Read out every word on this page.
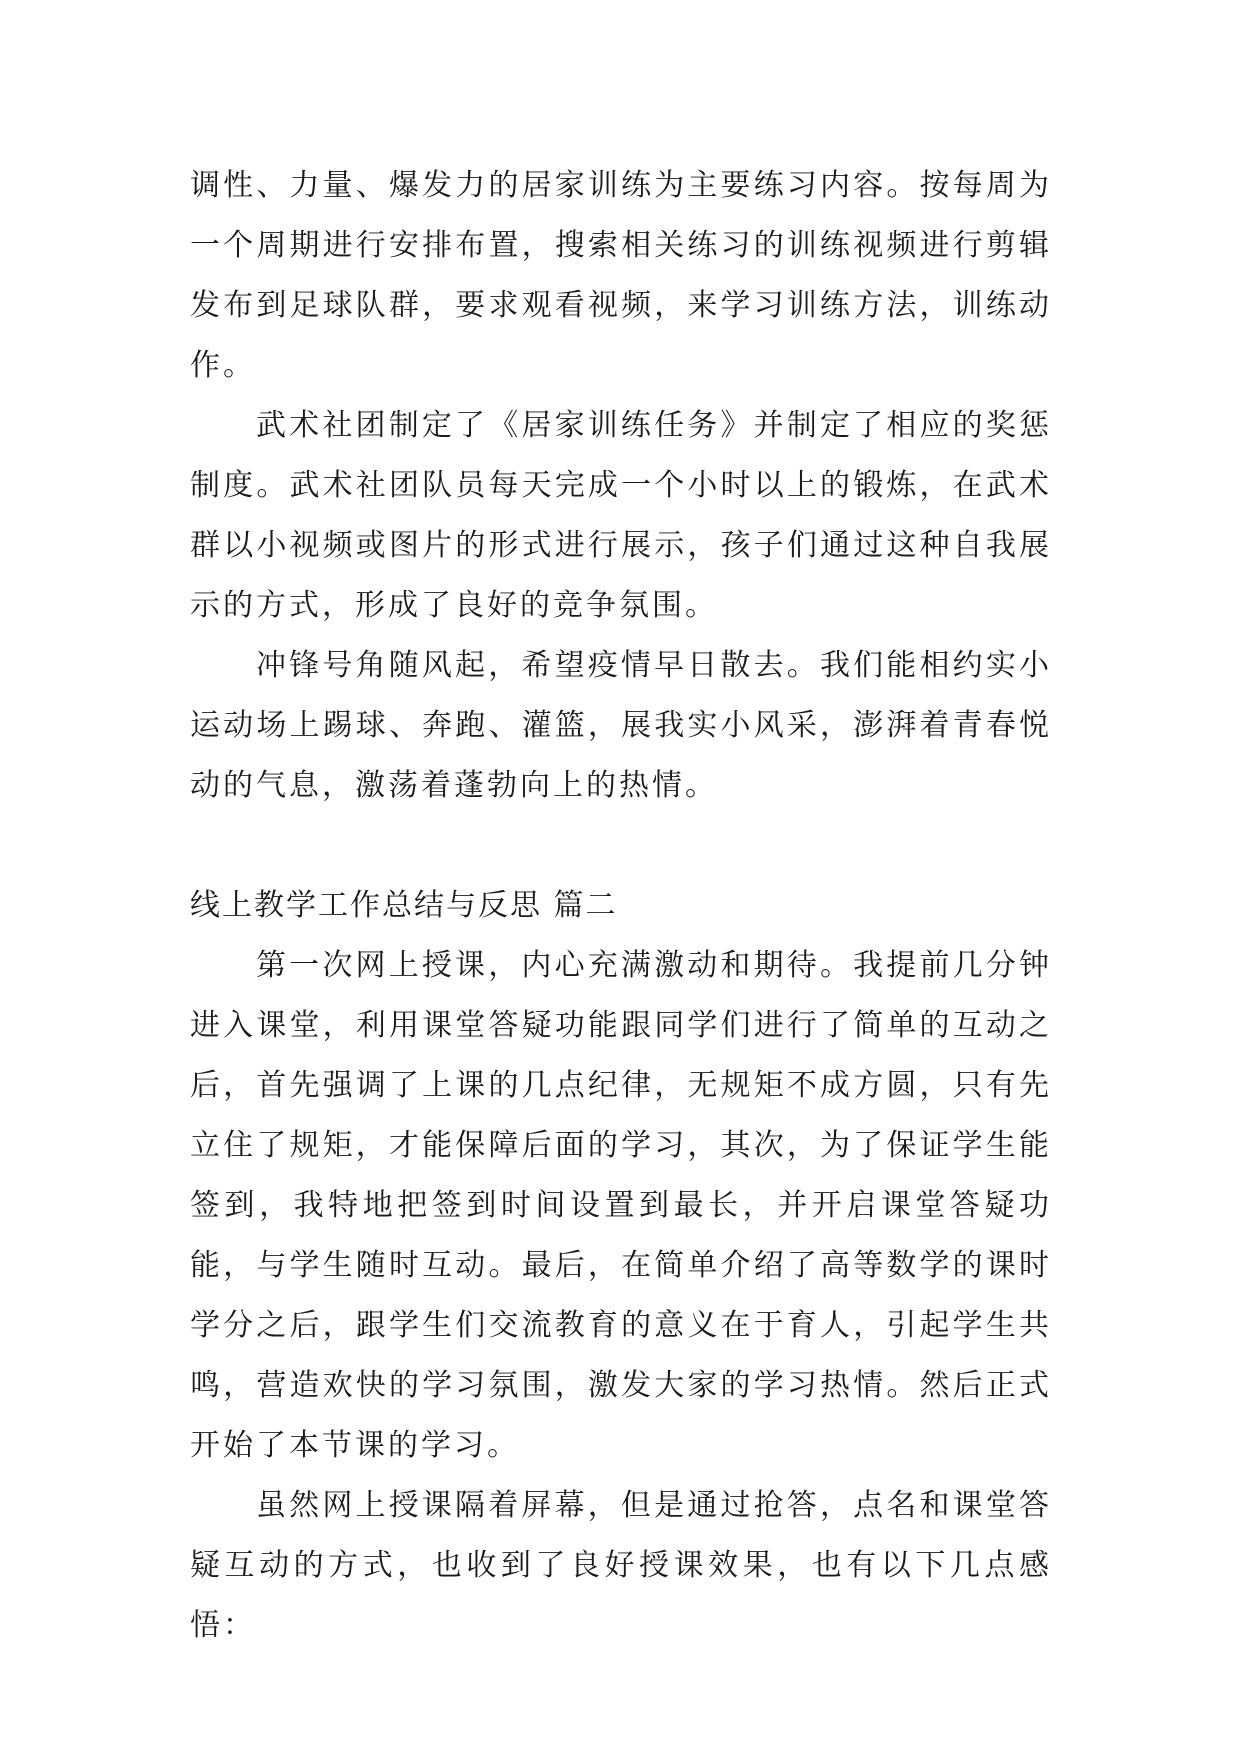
调性、力量、爆发力的居家训练为主要练习内容。按每周为一个周期进行安排布置，搜索相关练习的训练视频进行剪辑发布到足球队群，要求观看视频，来学习训练方法，训练动作。

武术社团制定了《居家训练任务》并制定了相应的奖惩制度。武术社团队员每天完成一个小时以上的锻炼，在武术群以小视频或图片的形式进行展示，孩子们通过这种自我展示的方式，形成了良好的竞争氛围。

冲锋号角随风起，希望疫情早日散去。我们能相约实小运动场上踢球、奔跑、灌篮，展我实小风采，澎湃着青春悦动的气息，激荡着蓬勃向上的热情。

线上教学工作总结与反思 篇二

第一次网上授课，内心充满激动和期待。我提前几分钟进入课堂，利用课堂答疑功能跟同学们进行了简单的互动之后，首先强调了上课的几点纪律，无规矩不成方圆，只有先立住了规矩，才能保障后面的学习，其次，为了保证学生能签到，我特地把签到时间设置到最长，并开启课堂答疑功能，与学生随时互动。最后，在简单介绍了高等数学的课时学分之后，跟学生们交流教育的意义在于育人，引起学生共鸣，营造欢快的学习氛围，激发大家的学习热情。然后正式开始了本节课的学习。

虽然网上授课隔着屏幕，但是通过抢答，点名和课堂答疑互动的方式，也收到了良好授课效果，也有以下几点感悟：
